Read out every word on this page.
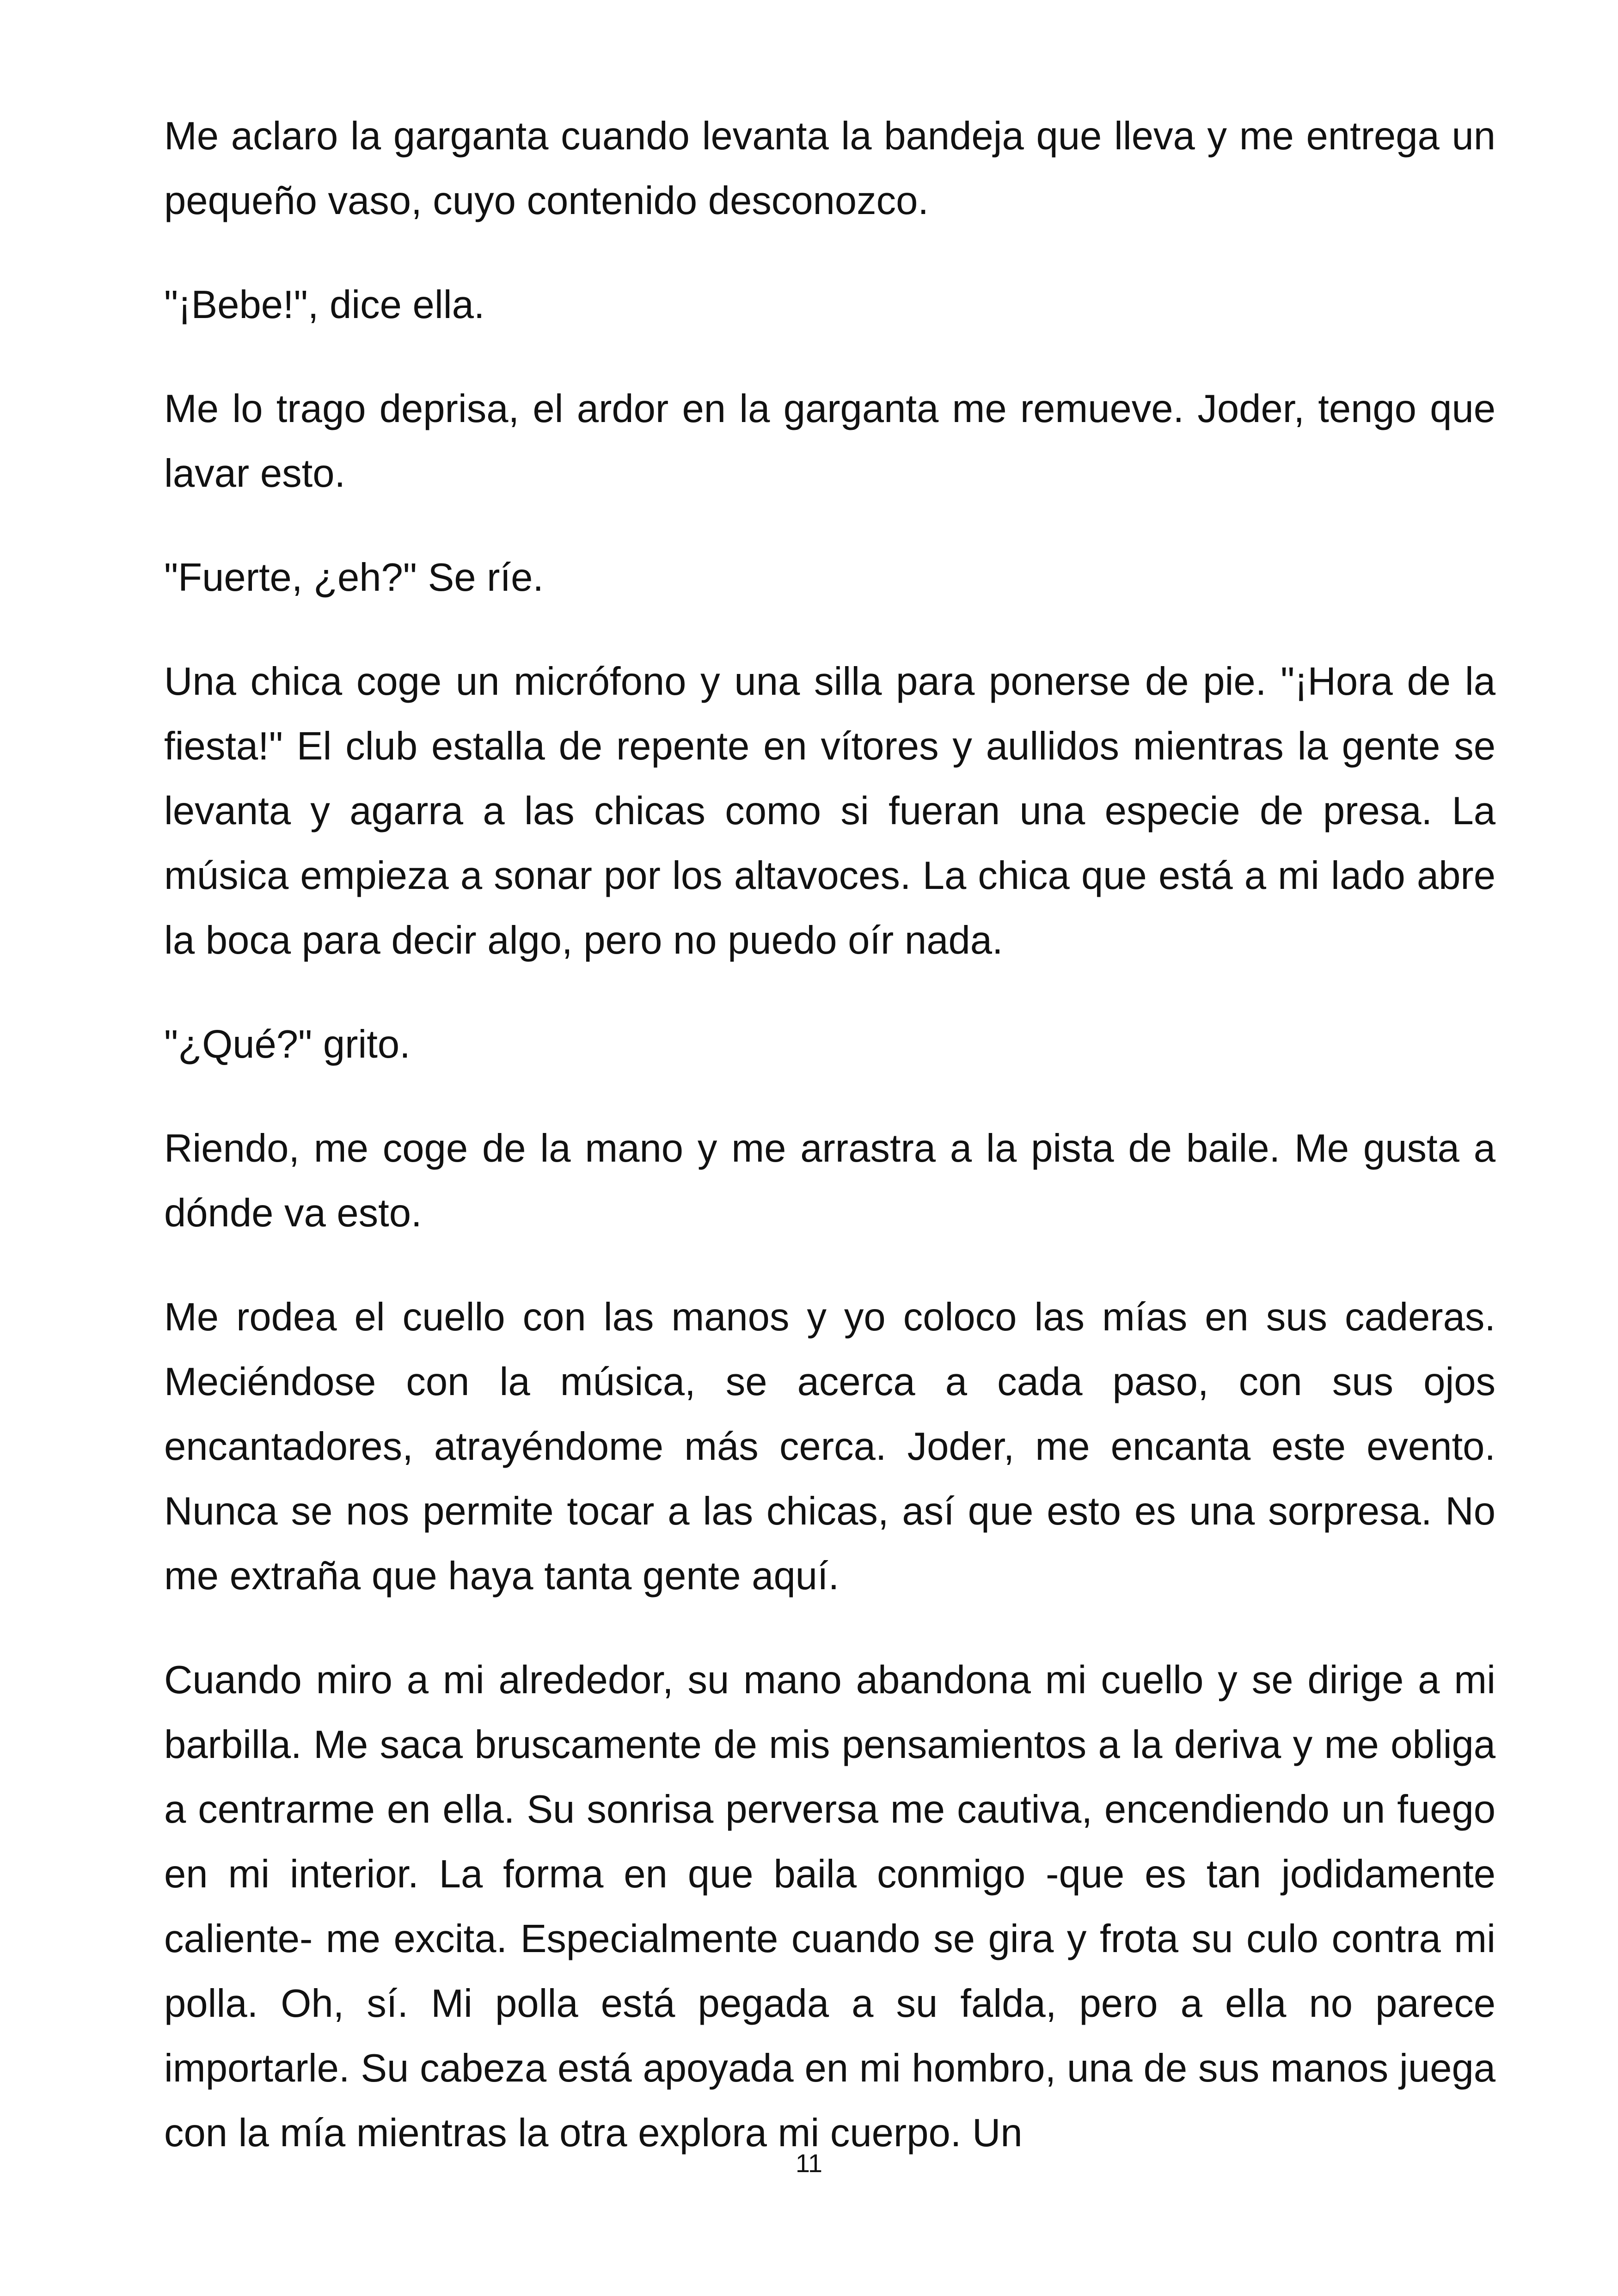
Me aclaro la garganta cuando levanta la bandeja que lleva y me entrega un pequeño vaso, cuyo contenido desconozco.

"¡Bebe!", dice ella.

Me lo trago deprisa, el ardor en la garganta me remueve. Joder, tengo que lavar esto.

"Fuerte, ¿eh?" Se ríe.

Una chica coge un micrófono y una silla para ponerse de pie. "¡Hora de la fiesta!" El club estalla de repente en vítores y aullidos mientras la gente se levanta y agarra a las chicas como si fueran una especie de presa. La música empieza a sonar por los altavoces. La chica que está a mi lado abre la boca para decir algo, pero no puedo oír nada.

"¿Qué?" grito.

Riendo, me coge de la mano y me arrastra a la pista de baile. Me gusta a dónde va esto.

Me rodea el cuello con las manos y yo coloco las mías en sus caderas. Meciéndose con la música, se acerca a cada paso, con sus ojos encantadores, atrayéndome más cerca. Joder, me encanta este evento. Nunca se nos permite tocar a las chicas, así que esto es una sorpresa. No me extraña que haya tanta gente aquí.

Cuando miro a mi alrededor, su mano abandona mi cuello y se dirige a mi barbilla. Me saca bruscamente de mis pensamientos a la deriva y me obliga a centrarme en ella. Su sonrisa perversa me cautiva, encendiendo un fuego en mi interior. La forma en que baila conmigo -que es tan jodidamente caliente- me excita. Especialmente cuando se gira y frota su culo contra mi polla. Oh, sí. Mi polla está pegada a su falda, pero a ella no parece importarle. Su cabeza está apoyada en mi hombro, una de sus manos juega con la mía mientras la otra explora mi cuerpo. Un

11
